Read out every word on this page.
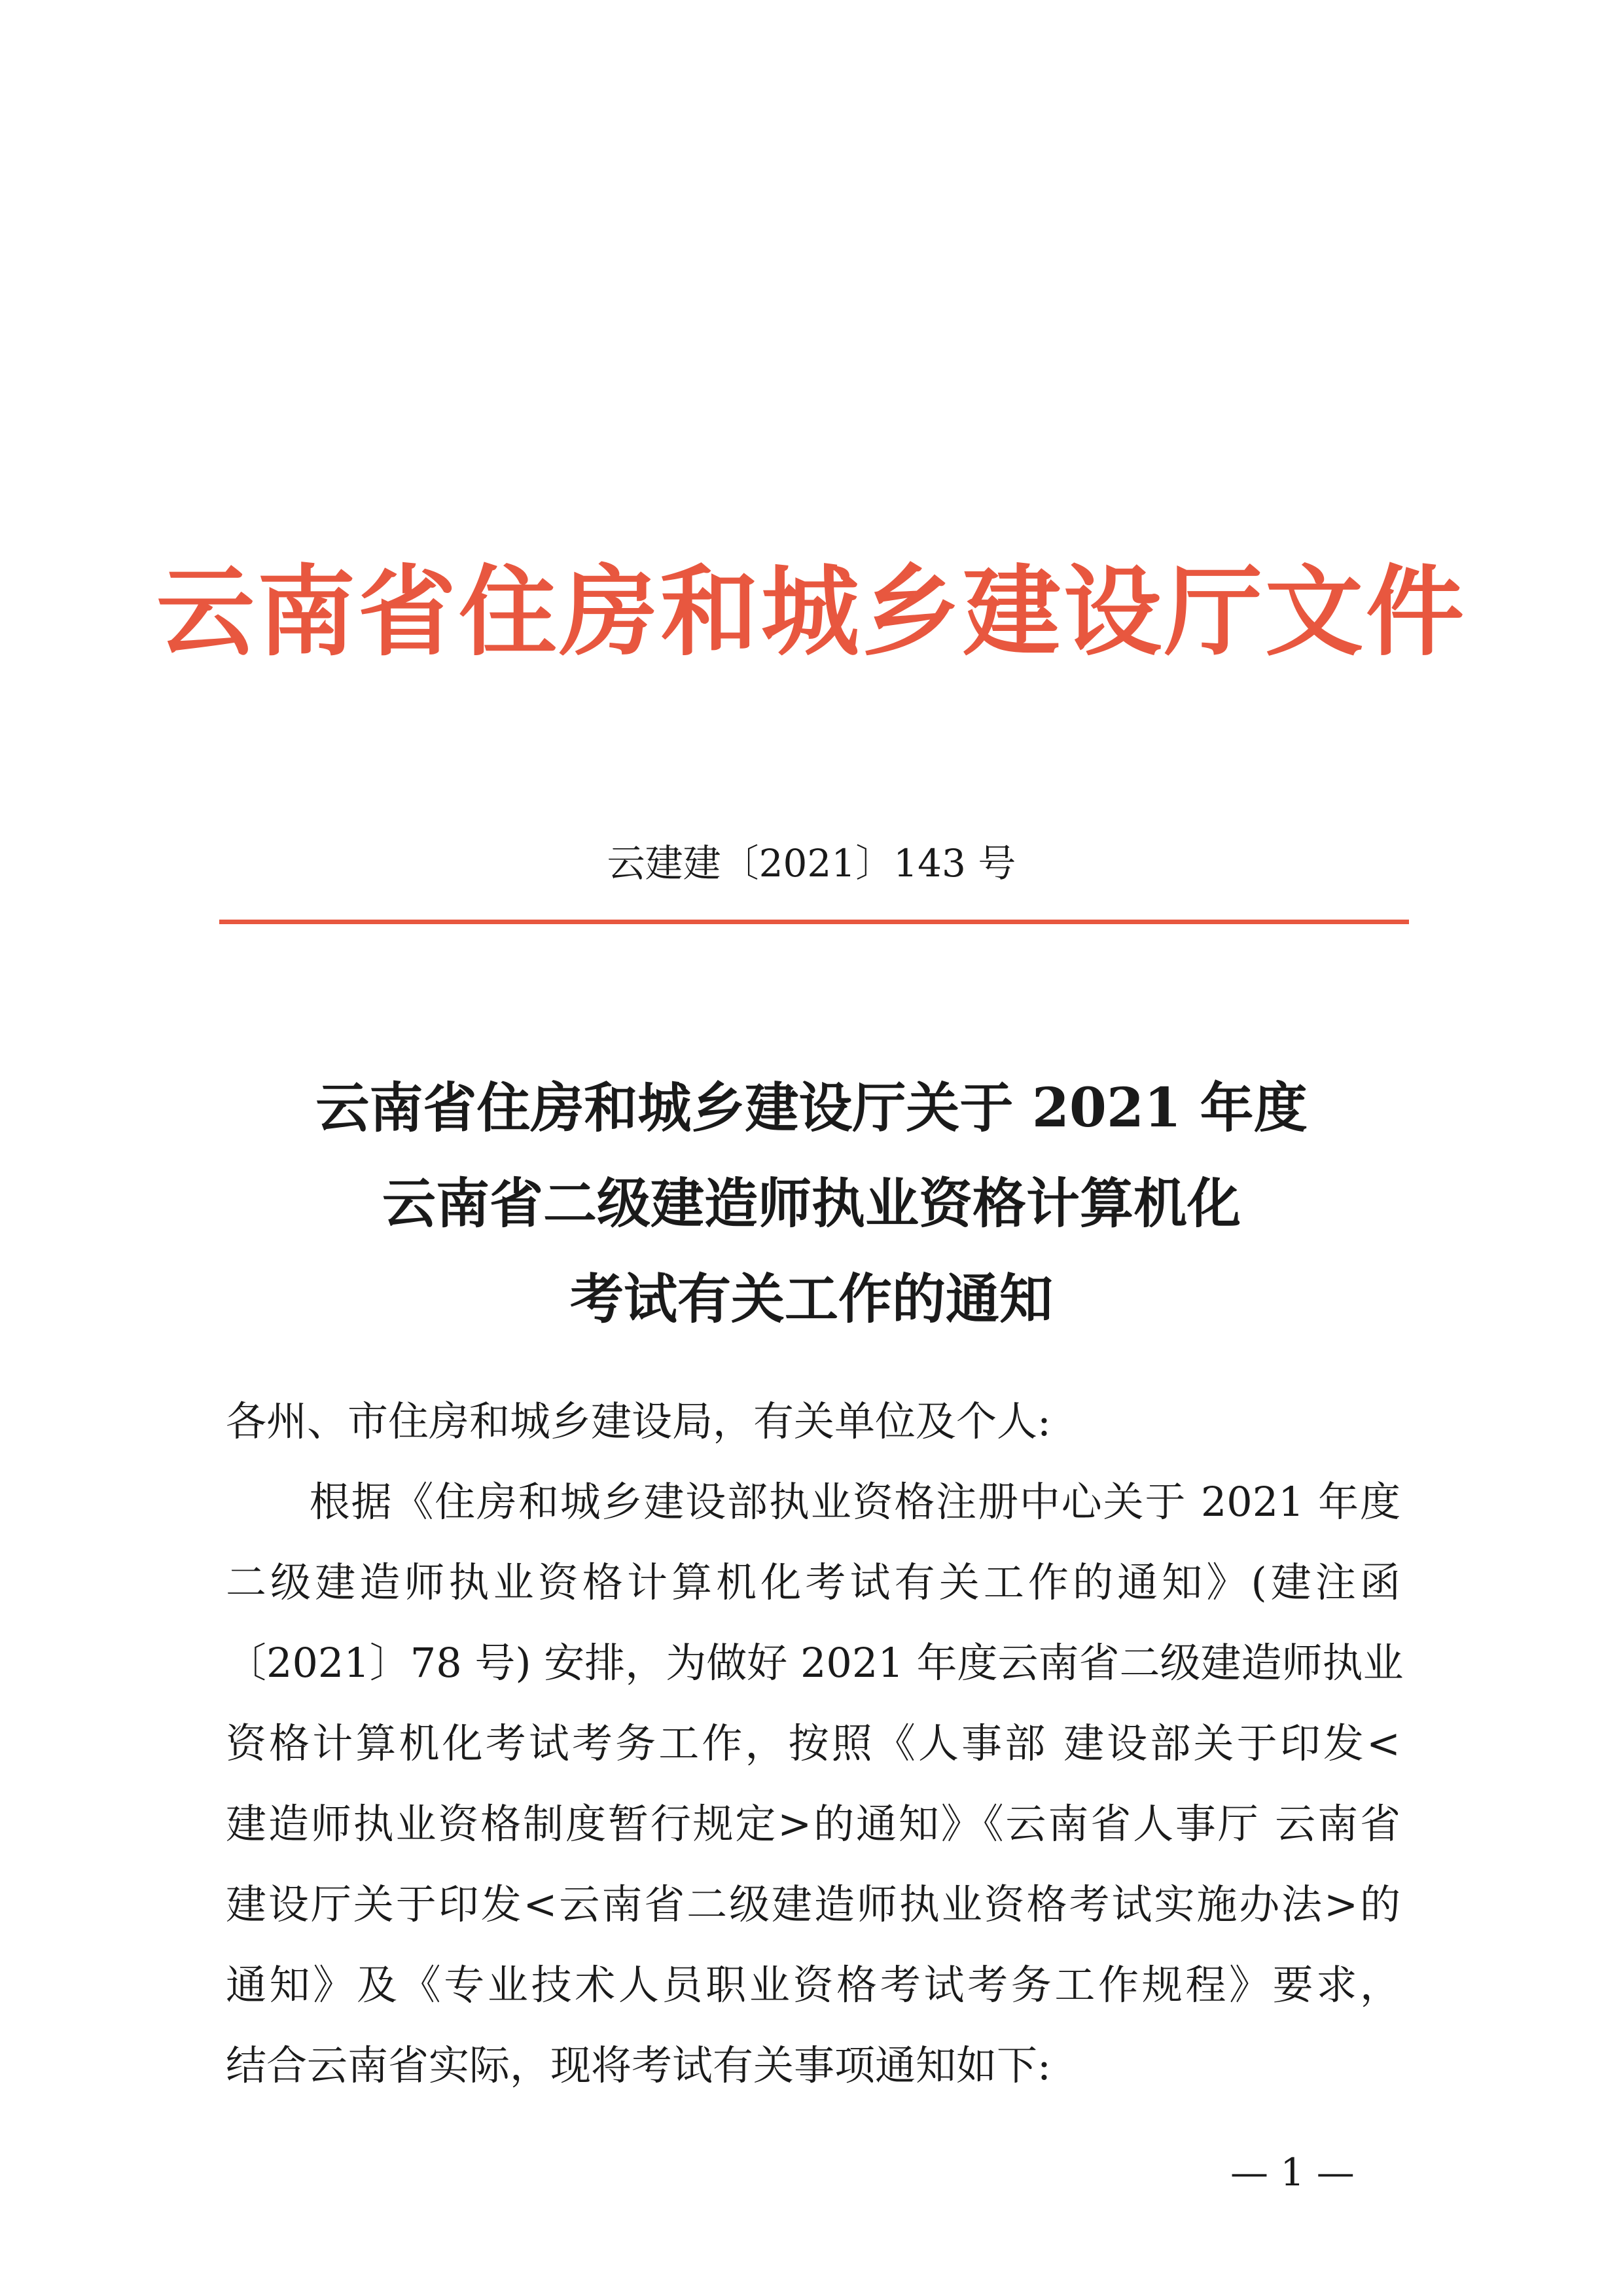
云南省住房和城乡建设厅文件
云建建〔2021〕143 号
云南省住房和城乡建设厅关于 2021 年度
云南省二级建造师执业资格计算机化
考试有关工作的通知
各州、市住房和城乡建设局，有关单位及个人:
　　根据《住房和城乡建设部执业资格注册中心关于 2021 年度
二级建造师执业资格计算机化考试有关工作的通知》(建注函
〔2021〕78 号) 安排，为做好 2021 年度云南省二级建造师执业
资格计算机化考试考务工作，按照《人事部 建设部关于印发<
建造师执业资格制度暂行规定>的通知》《云南省人事厅 云南省
建设厅关于印发<云南省二级建造师执业资格考试实施办法>的
通知》及《专业技术人员职业资格考试考务工作规程》要求，
结合云南省实际，现将考试有关事项通知如下:
— 1 —
